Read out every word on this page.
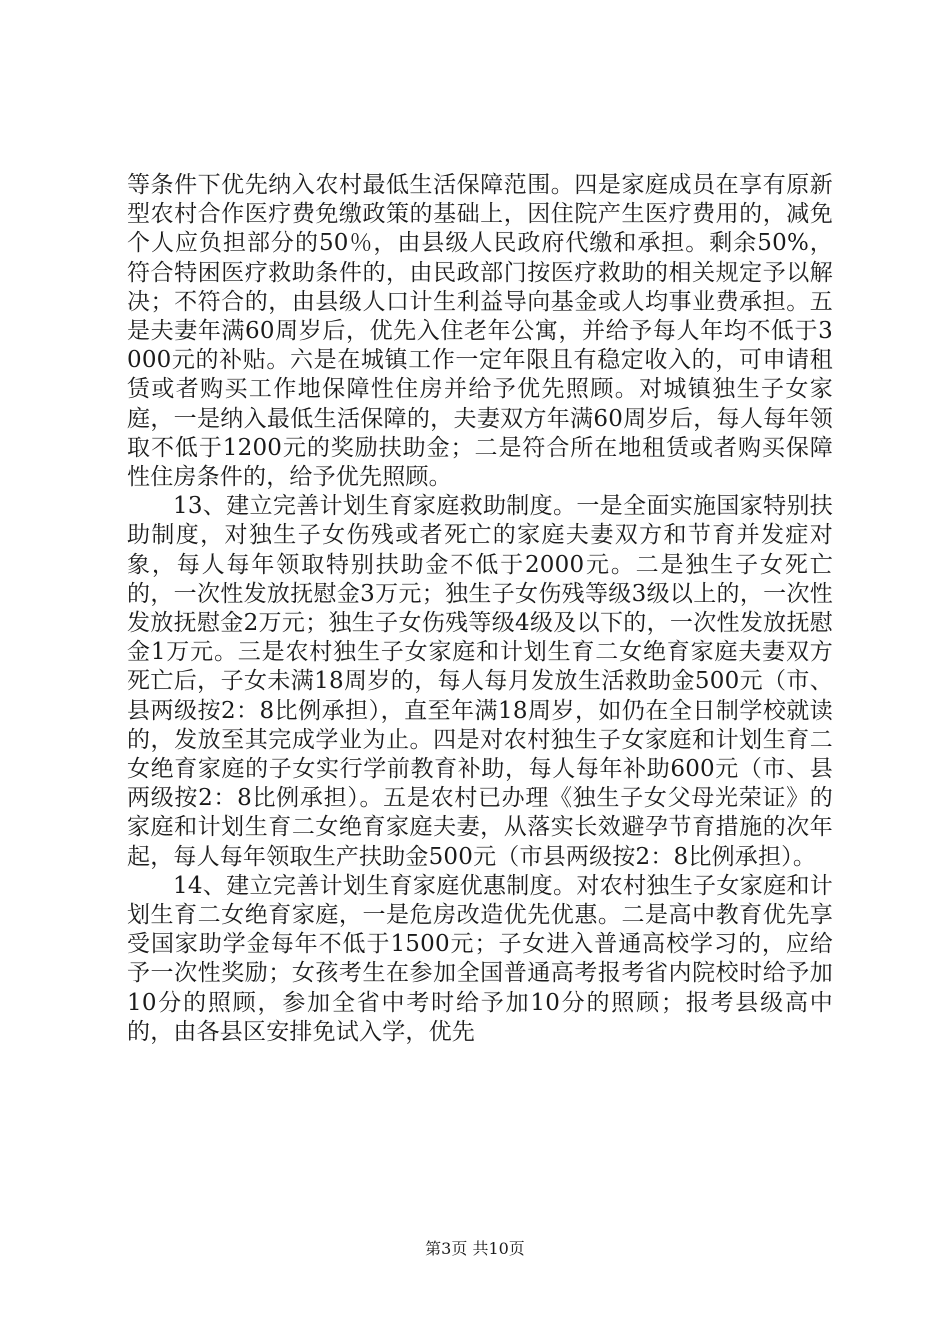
等条件下优先纳入农村最低生活保障范围。四是家庭成员在享有原新型农村合作医疗费免缴政策的基础上，因住院产生医疗费用的，减免个人应负担部分的50％，由县级人民政府代缴和承担。剩余50%，符合特困医疗救助条件的，由民政部门按医疗救助的相关规定予以解决；不符合的，由县级人口计生利益导向基金或人均事业费承担。五是夫妻年满60周岁后，优先入住老年公寓，并给予每人年均不低于3000元的补贴。六是在城镇工作一定年限且有稳定收入的，可申请租赁或者购买工作地保障性住房并给予优先照顾。对城镇独生子女家庭，一是纳入最低生活保障的，夫妻双方年满60周岁后，每人每年领取不低于1200元的奖励扶助金；二是符合所在地租赁或者购买保障性住房条件的，给予优先照顾。

13、建立完善计划生育家庭救助制度。一是全面实施国家特别扶助制度，对独生子女伤残或者死亡的家庭夫妻双方和节育并发症对象，每人每年领取特别扶助金不低于2000元。二是独生子女死亡的，一次性发放抚慰金3万元；独生子女伤残等级3级以上的，一次性发放抚慰金2万元；独生子女伤残等级4级及以下的，一次性发放抚慰金1万元。三是农村独生子女家庭和计划生育二女绝育家庭夫妻双方死亡后，子女未满18周岁的，每人每月发放生活救助金500元（市、县两级按2：8比例承担），直至年满18周岁，如仍在全日制学校就读的，发放至其完成学业为止。四是对农村独生子女家庭和计划生育二女绝育家庭的子女实行学前教育补助，每人每年补助600元（市、县两级按2：8比例承担）。五是农村已办理《独生子女父母光荣证》的家庭和计划生育二女绝育家庭夫妻，从落实长效避孕节育措施的次年起，每人每年领取生产扶助金500元（市县两级按2：8比例承担）。

14、建立完善计划生育家庭优惠制度。对农村独生子女家庭和计划生育二女绝育家庭，一是危房改造优先优惠。二是高中教育优先享受国家助学金每年不低于1500元；子女进入普通高校学习的，应给予一次性奖励；女孩考生在参加全国普通高考报考省内院校时给予加10分的照顾，参加全省中考时给予加10分的照顾；报考县级高中的，由各县区安排免试入学，优先

第3页 共10页
